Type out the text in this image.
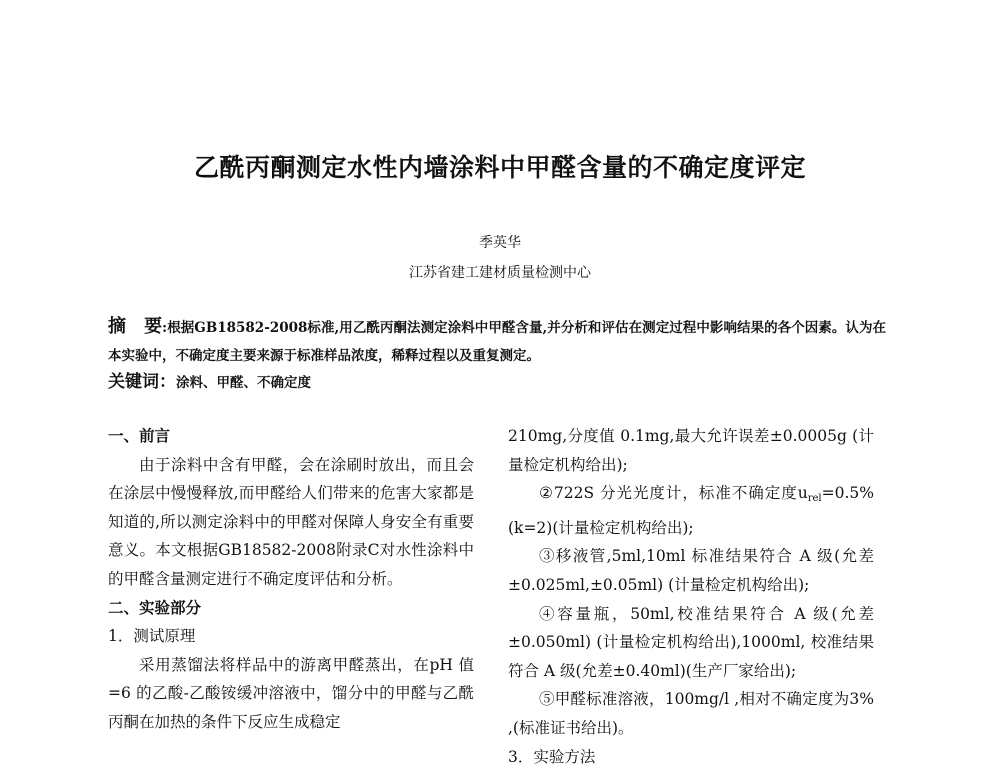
乙酰丙酮测定水性内墙涂料中甲醛含量的不确定度评定
季英华
江苏省建工建材质量检测中心
摘　要:根据GB18582-2008标准,用乙酰丙酮法测定涂料中甲醛含量,并分析和评估在测定过程中影响结果的各个因素。认为在本实验中，不确定度主要来源于标准样品浓度，稀释过程以及重复测定。
关键词：涂料、甲醛、不确定度

一、前言

由于涂料中含有甲醛，会在涂刷时放出，而且会在涂层中慢慢释放,而甲醛给人们带来的危害大家都是知道的,所以测定涂料中的甲醛对保障人身安全有重要意义。本文根据GB18582-2008附录C对水性涂料中的甲醛含量测定进行不确定度评估和分析。

二、实验部分

1．测试原理

采用蒸馏法将样品中的游离甲醛蒸出，在pH 值=6 的乙酸-乙酸铵缓冲溶液中，馏分中的甲醛与乙酰丙酮在加热的条件下反应生成稳定

210mg,分度值 0.1mg,最大允许误差±0.0005g (计量检定机构给出);

②722S 分光光度计，标准不确定度$u_{rel}=0.5\%(k=2)$(计量检定机构给出);

③移液管,5ml,10ml 标准结果符合 A 级(允差±0.025ml,±0.05ml) (计量检定机构给出);

④容量瓶，50ml,校准结果符合 A 级(允差±0.050ml) (计量检定机构给出),1000ml, 校准结果符合 A 级(允差±0.40ml)(生产厂家给出);

⑤甲醛标准溶液，100mg/l ,相对不确定度为3% ,(标准证书给出)。

3．实验方法
